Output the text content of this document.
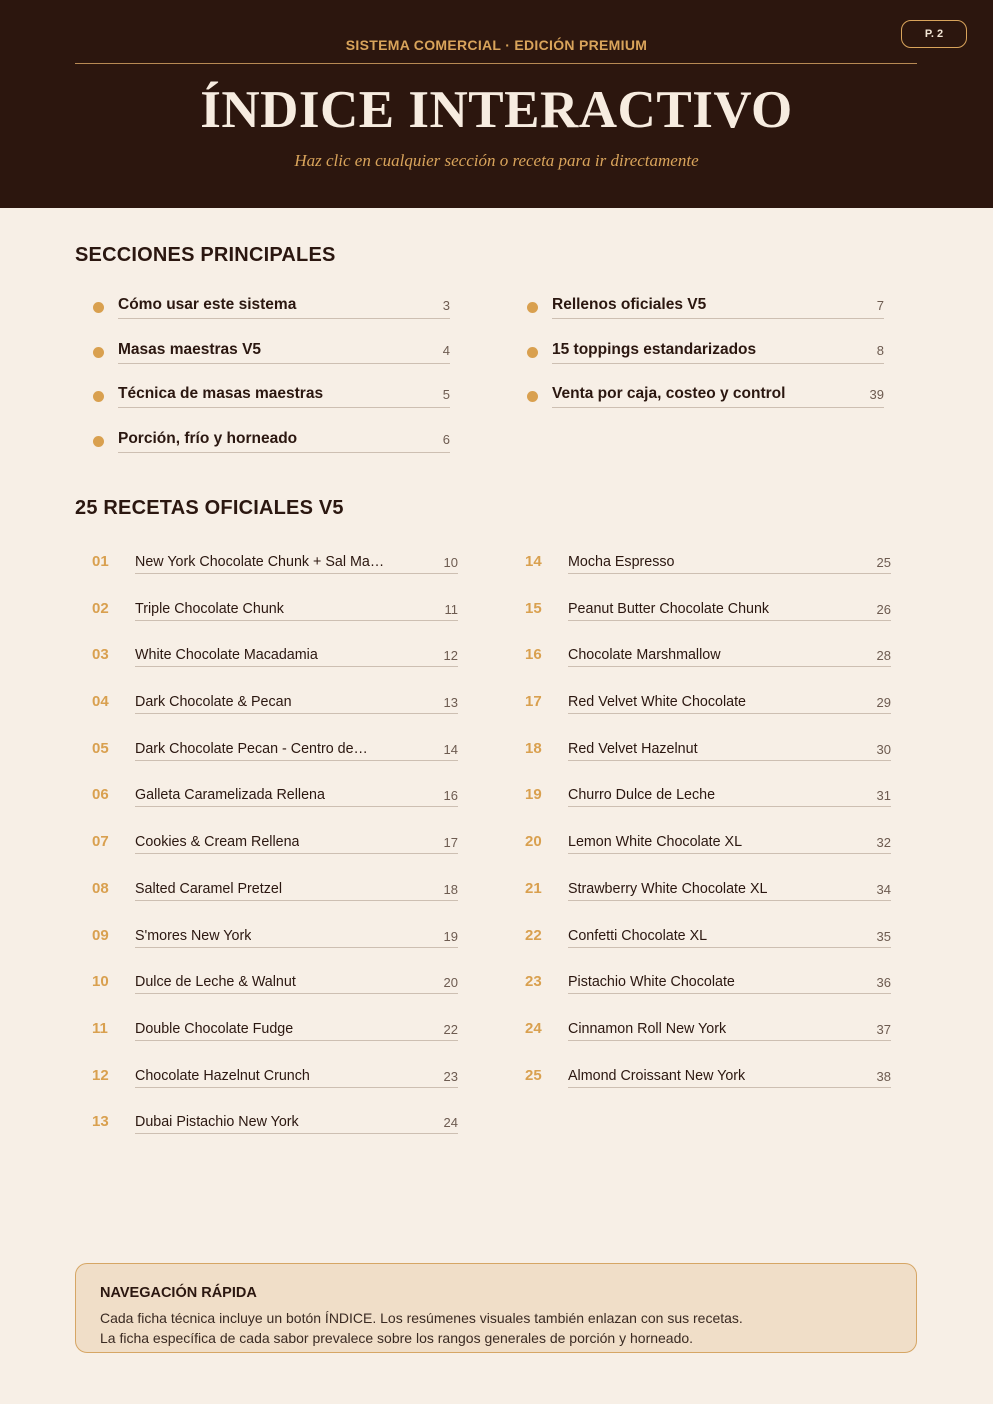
P. 2
SISTEMA COMERCIAL · EDICIÓN PREMIUM
ÍNDICE INTERACTIVO
Haz clic en cualquier sección o receta para ir directamente
SECCIONES PRINCIPALES
Cómo usar este sistema	3
Masas maestras V5	4
Técnica de masas maestras	5
Porción, frío y horneado	6
Rellenos oficiales V5	7
15 toppings estandarizados	8
Venta por caja, costeo y control	39
25 RECETAS OFICIALES V5
01 New York Chocolate Chunk + Sal Ma…	10
02 Triple Chocolate Chunk	11
03 White Chocolate Macadamia	12
04 Dark Chocolate & Pecan	13
05 Dark Chocolate Pecan - Centro de…	14
06 Galleta Caramelizada Rellena	16
07 Cookies & Cream Rellena	17
08 Salted Caramel Pretzel	18
09 S'mores New York	19
10 Dulce de Leche & Walnut	20
11 Double Chocolate Fudge	22
12 Chocolate Hazelnut Crunch	23
13 Dubai Pistachio New York	24
14 Mocha Espresso	25
15 Peanut Butter Chocolate Chunk	26
16 Chocolate Marshmallow	28
17 Red Velvet White Chocolate	29
18 Red Velvet Hazelnut	30
19 Churro Dulce de Leche	31
20 Lemon White Chocolate XL	32
21 Strawberry White Chocolate XL	34
22 Confetti Chocolate XL	35
23 Pistachio White Chocolate	36
24 Cinnamon Roll New York	37
25 Almond Croissant New York	38
NAVEGACIÓN RÁPIDA
Cada ficha técnica incluye un botón ÍNDICE. Los resúmenes visuales también enlazan con sus recetas.
La ficha específica de cada sabor prevalece sobre los rangos generales de porción y horneado.
